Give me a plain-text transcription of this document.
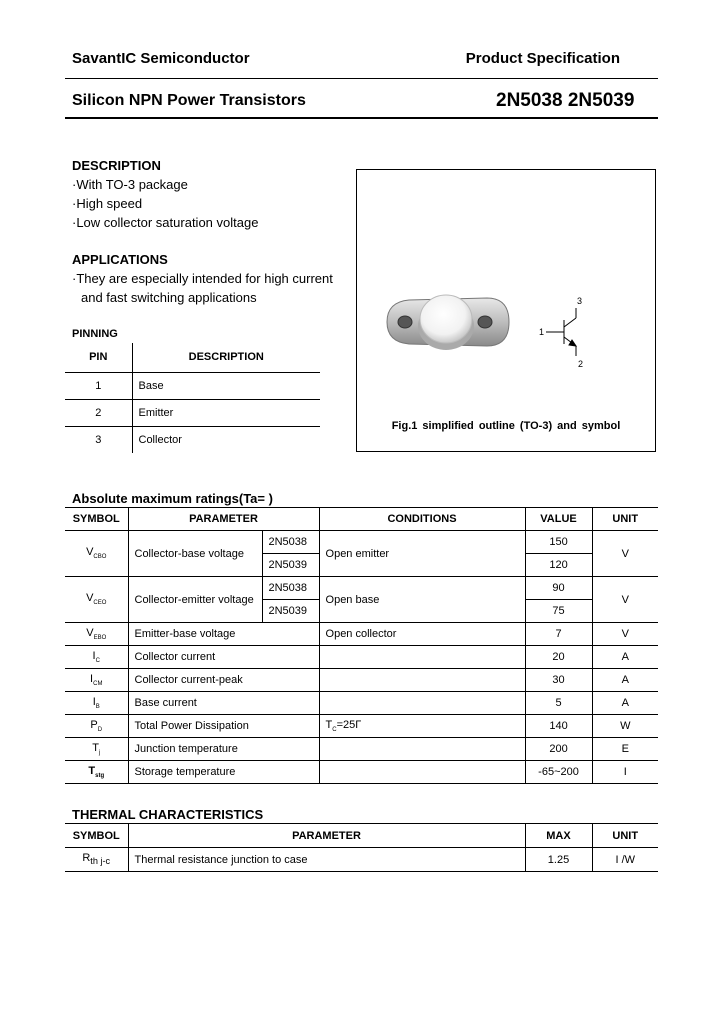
SavantIC Semiconductor	Product Specification
Silicon NPN Power Transistors	2N5038 2N5039
DESCRIPTION
·With TO-3 package
·High speed
·Low collector saturation voltage
APPLICATIONS
·They are especially intended for high current
and fast switching applications
PINNING
PIN	DESCRIPTION
1	Base
2	Emitter
3	Collector
3
1
2
Fig.1 simplified outline (TO-3) and symbol
Absolute maximum ratings(Ta= )
SYMBOL	PARAMETER		CONDITIONS	VALUE	UNIT
$V_{CBO}$	Collector-base voltage	2N5038	Open emitter	150	V
		2N5039		120	
$V_{CEO}$	Collector-emitter voltage	2N5038	Open base	90	V
		2N5039		75	
$V_{EBO}$	Emitter-base voltage		Open collector	7	V
$I_C$	Collector current			20	A
$I_{CM}$	Collector current-peak			30	A
$I_B$	Base current			5	A
$P_D$	Total Power Dissipation		$T_C=25Г$	140	W
$T_j$	Junction temperature			200	Ε
$T_{stg}$	Storage temperature			-65~200	Ι
THERMAL CHARACTERISTICS
SYMBOL	PARAMETER	MAX	UNIT
$R_{th j-c}$	Thermal resistance junction to case	1.25	Ι /W
